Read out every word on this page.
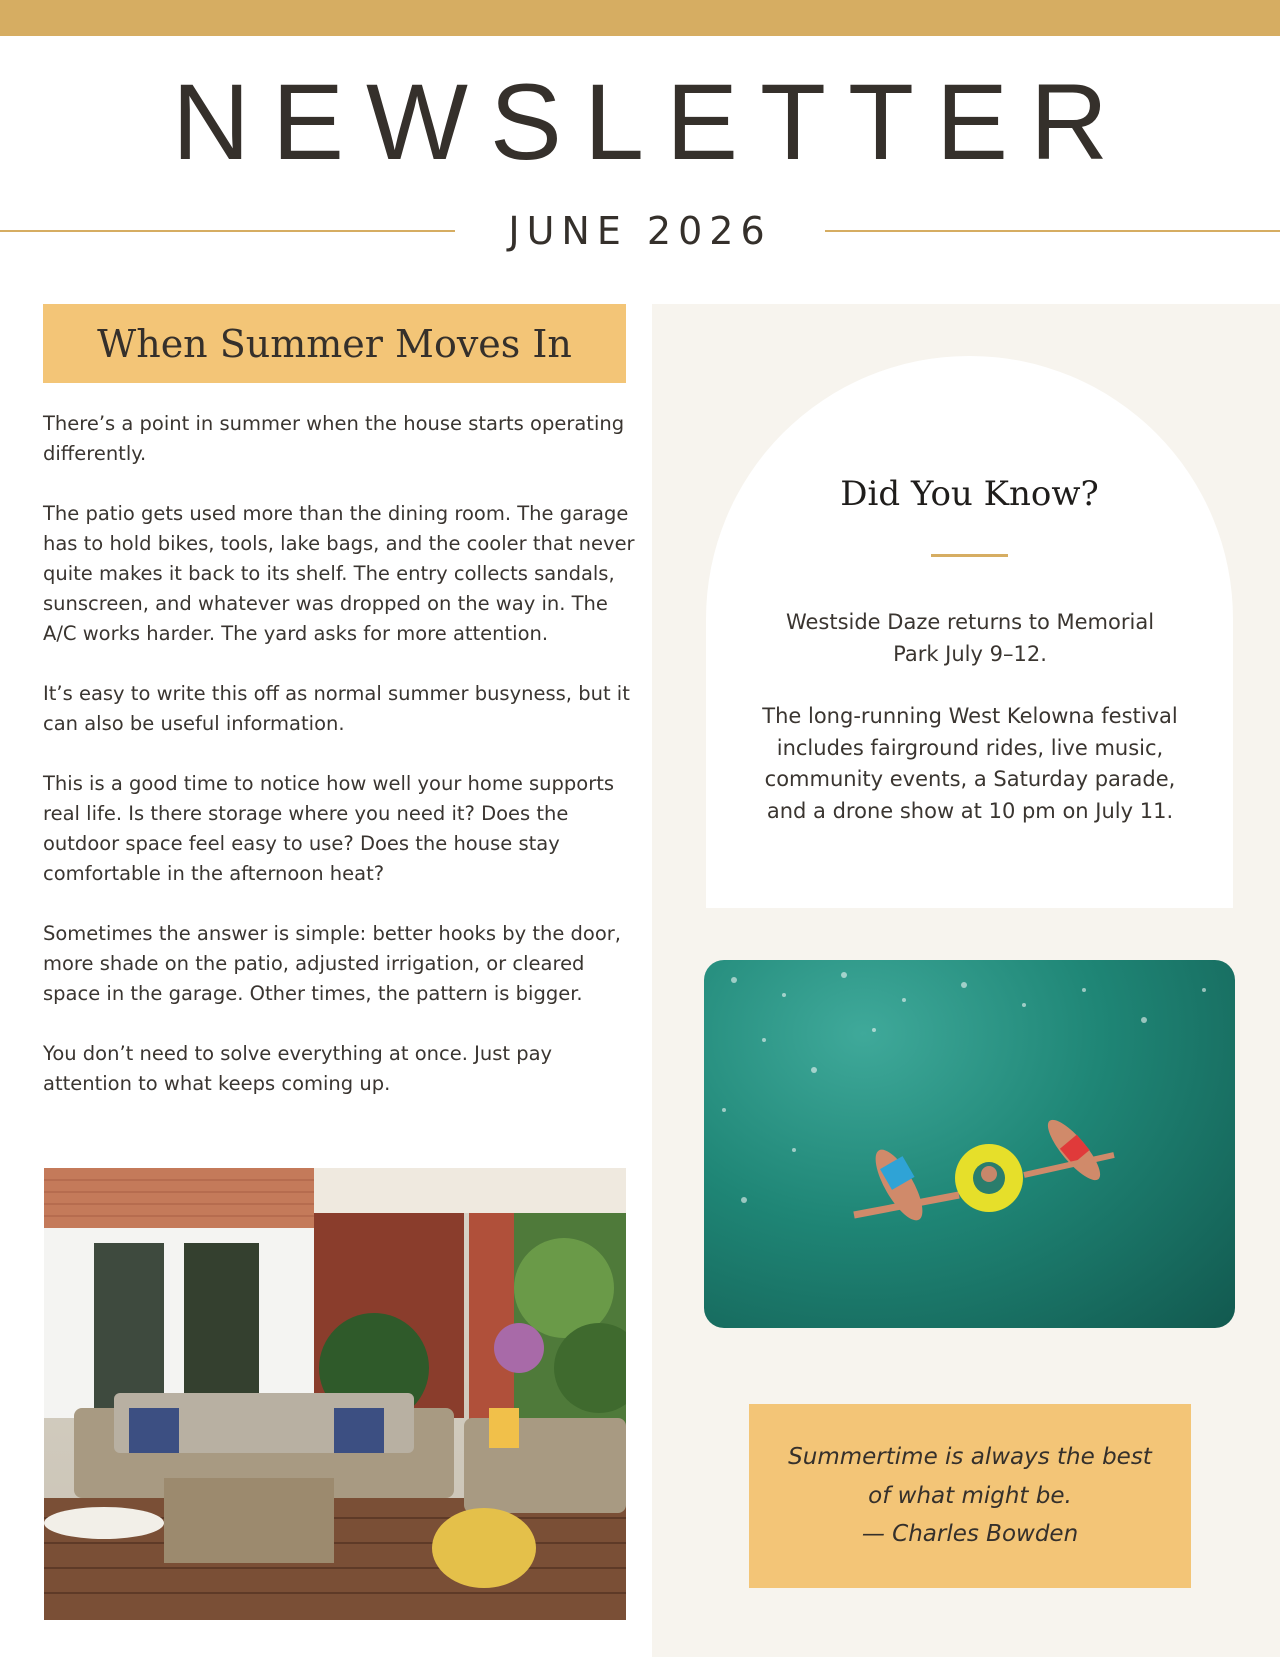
NEWSLETTER
JUNE 2026
When Summer Moves In

There’s a point in summer when the house starts operating differently.

The patio gets used more than the dining room. The garage has to hold bikes, tools, lake bags, and the cooler that never quite makes it back to its shelf. The entry collects sandals, sunscreen, and whatever was dropped on the way in. The A/C works harder. The yard asks for more attention.

It’s easy to write this off as normal summer busyness, but it can also be useful information.

This is a good time to notice how well your home supports real life. Is there storage where you need it? Does the outdoor space feel easy to use? Does the house stay comfortable in the afternoon heat?

Sometimes the answer is simple: better hooks by the door, more shade on the patio, adjusted irrigation, or cleared space in the garage. Other times, the pattern is bigger.

You don’t need to solve everything at once. Just pay attention to what keeps coming up.

Did You Know?

Westside Daze returns to Memorial Park July 9–12.

The long-running West Kelowna festival includes fairground rides, live music, community events, a Saturday parade, and a drone show at 10 pm on July 11.

Summertime is always the best
of what might be.
— Charles Bowden
